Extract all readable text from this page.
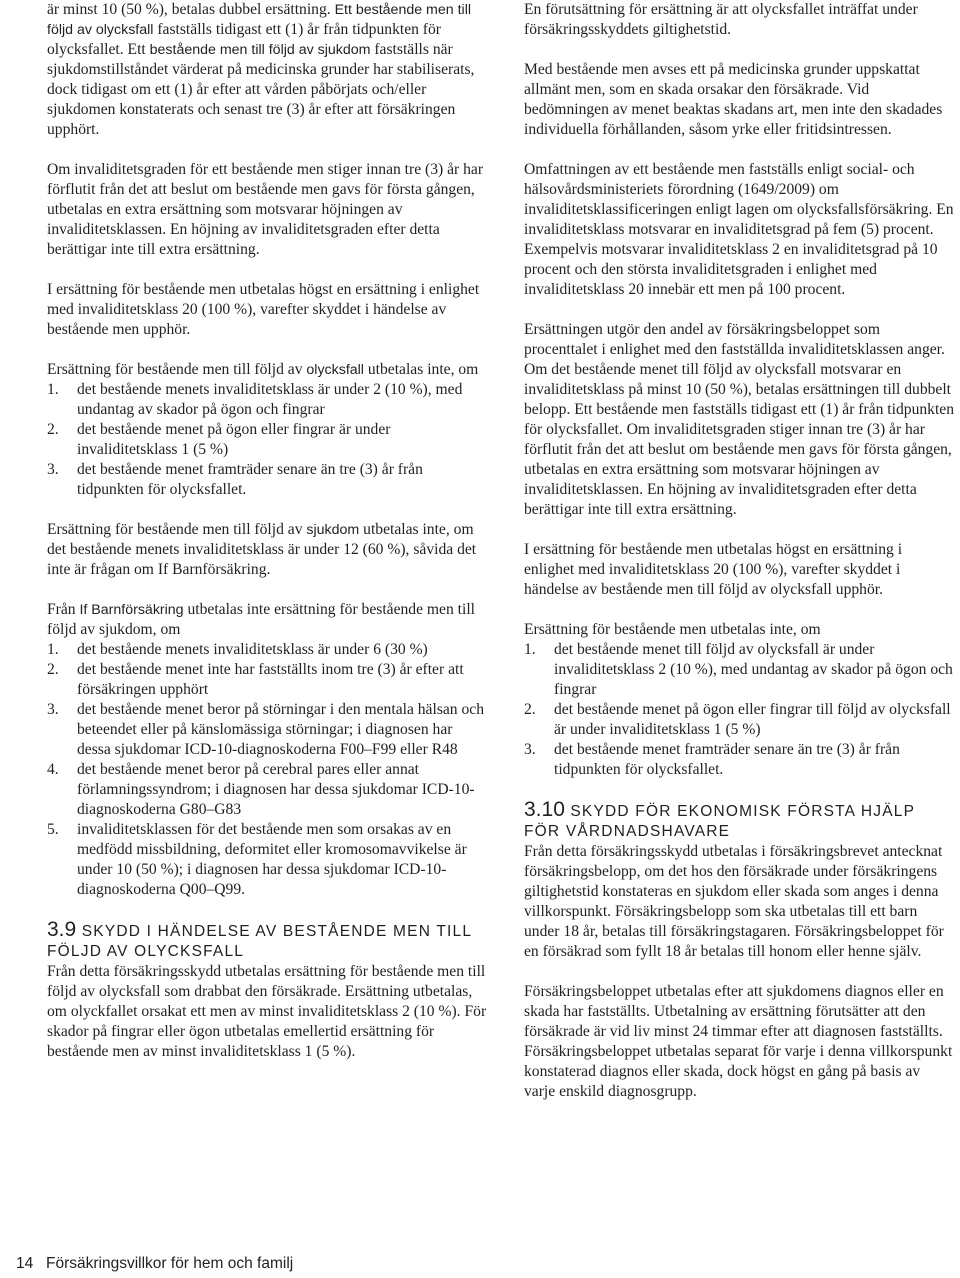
är minst 10 (50 %), betalas dubbel ersättning. Ett bestående men till följd av olycksfall fastställs tidigast ett (1) år från tidpunkten för olycksfallet. Ett bestående men till följd av sjukdom fastställs när sjukdomstillståndet värderat på medicinska grunder har stabiliserats, dock tidigast om ett (1) år efter att vården påbörjats och/eller sjukdomen konstaterats och senast tre (3) år efter att försäkringen upphört.

Om invaliditetsgraden för ett bestående men stiger innan tre (3) år har förflutit från det att beslut om bestående men gavs för första gången, utbetalas en extra ersättning som motsvarar höjningen av invaliditetsklassen. En höjning av invaliditetsgraden efter detta berättigar inte till extra ersättning.

I ersättning för bestående men utbetalas högst en ersättning i enlighet med invaliditetsklass 20 (100 %), varefter skyddet i händelse av bestående men upphör.

Ersättning för bestående men till följd av olycksfall utbetalas inte, om

1.	det bestående menets invaliditetsklass är under 2 (10 %), med undantag av skador på ögon och fingrar
2.	det bestående menet på ögon eller fingrar är under invaliditetsklass 1 (5 %)
3.	det bestående menet framträder senare än tre (3) år från tidpunkten för olycksfallet.

Ersättning för bestående men till följd av sjukdom utbetalas inte, om det bestående menets invaliditetsklass är under 12 (60 %), såvida det inte är frågan om If Barnförsäkring.

Från If Barnförsäkring utbetalas inte ersättning för bestående men till följd av sjukdom, om

1.	det bestående menets invaliditetsklass är under 6 (30 %)
2.	det bestående menet inte har fastställts inom tre (3) år efter att försäkringen upphört
3.	det bestående menet beror på störningar i den mentala hälsan och beteendet eller på känslomässiga störningar; i diagnosen har dessa sjukdomar ICD-10-diagnoskoderna F00–F99 eller R48
4.	det bestående menet beror på cerebral pares eller annat förlamningssyndrom; i diagnosen har dessa sjukdomar ICD-10-diagnoskoderna G80–G83
5.	invaliditetsklassen för det bestående men som orsakas av en medfödd missbildning, deformitet eller kromosomavvikelse är under 10 (50 %); i diagnosen har dessa sjukdomar ICD-10-diagnoskoderna Q00–Q99.
3.9 SKYDD I HÄNDELSE AV BESTÅENDE MEN TILL FÖLJD AV OLYCKSFALL

Från detta försäkringsskydd utbetalas ersättning för bestående men till följd av olycksfall som drabbat den försäkrade. Ersättning utbetalas, om olyckfallet orsakat ett men av minst invaliditetsklass 2 (10 %). För skador på fingrar eller ögon utbetalas emellertid ersättning för bestående men av minst invaliditetsklass 1 (5 %).

En förutsättning för ersättning är att olycksfallet inträffat under försäkringsskyddets giltighetstid.

Med bestående men avses ett på medicinska grunder uppskattat allmänt men, som en skada orsakar den försäkrade. Vid bedömningen av menet beaktas skadans art, men inte den skadades individuella förhållanden, såsom yrke eller fritidsintressen.

Omfattningen av ett bestående men fastställs enligt social- och hälsovårdsministeriets förordning (1649/2009) om invaliditetsklassificeringen enligt lagen om olycksfallsförsäkring. En invaliditetsklass motsvarar en invaliditetsgrad på fem (5) procent. Exempelvis motsvarar invaliditetsklass 2 en invaliditetsgrad på 10 procent och den största invaliditetsgraden i enlighet med invaliditetsklass 20 innebär ett men på 100 procent.

Ersättningen utgör den andel av försäkringsbeloppet som procenttalet i enlighet med den fastställda invaliditetsklassen anger. Om det bestående menet till följd av olycksfall motsvarar en invaliditetsklass på minst 10 (50 %), betalas ersättningen till dubbelt belopp. Ett bestående men fastställs tidigast ett (1) år från tidpunkten för olycksfallet. Om invaliditetsgraden stiger innan tre (3) år har förflutit från det att beslut om bestående men gavs för första gången, utbetalas en extra ersättning som motsvarar höjningen av invaliditetsklassen. En höjning av invaliditetsgraden efter detta berättigar inte till extra ersättning.

I ersättning för bestående men utbetalas högst en ersättning i enlighet med invaliditetsklass 20 (100 %), varefter skyddet i händelse av bestående men till följd av olycksfall upphör.

Ersättning för bestående men utbetalas inte, om

1.	det bestående menet till följd av olycksfall är under invaliditetsklass 2 (10 %), med undantag av skador på ögon och fingrar
2.	det bestående menet på ögon eller fingrar till följd av olycksfall är under invaliditetsklass 1 (5 %)
3.	det bestående menet framträder senare än tre (3) år från tidpunkten för olycksfallet.
3.10 SKYDD FÖR EKONOMISK FÖRSTA HJÄLP FÖR VÅRDNADSHAVARE

Från detta försäkringsskydd utbetalas i försäkringsbrevet antecknat försäkringsbelopp, om det hos den försäkrade under försäkringens giltighetstid konstateras en sjukdom eller skada som anges i denna villkorspunkt. Försäkringsbelopp som ska utbetalas till ett barn under 18 år, betalas till försäkringstagaren. Försäkringsbeloppet för en försäkrad som fyllt 18 år betalas till honom eller henne själv.

Försäkringsbeloppet utbetalas efter att sjukdomens diagnos eller en skada har fastställts. Utbetalning av ersättning förutsätter att den försäkrade är vid liv minst 24 timmar efter att diagnosen fastställts. Försäkringsbeloppet utbetalas separat för varje i denna villkorspunkt konstaterad diagnos eller skada, dock högst en gång på basis av varje enskild diagnosgrupp.

14 Försäkringsvillkor för hem och familj
